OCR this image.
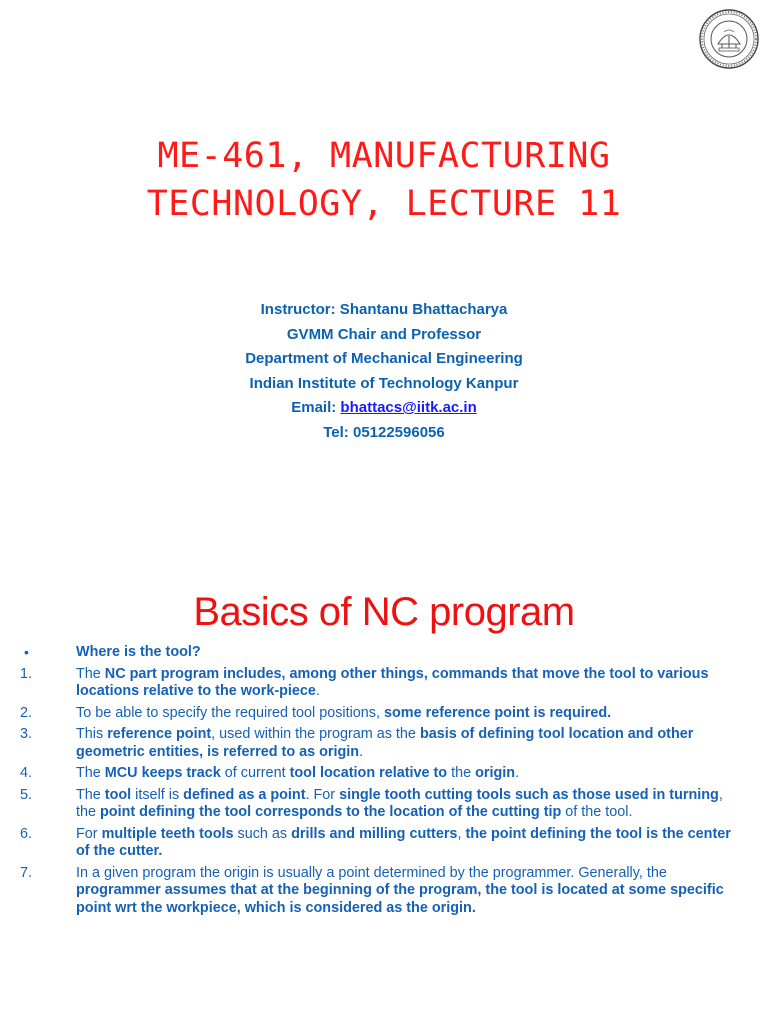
ME-461, MANUFACTURING
TECHNOLOGY, LECTURE 11
Instructor: Shantanu Bhattacharya
GVMM Chair and Professor
Department of Mechanical Engineering
Indian Institute of Technology Kanpur
Email: bhattacs@iitk.ac.in
Tel: 05122596056
Basics of NC program
•	Where is the tool?
1.	The NC part program includes, among other things, commands that move the tool to various locations relative to the work-piece.
2.	To be able to specify the required tool positions, some reference point is required.
3.	This reference point, used within the program as the basis of defining tool location and other geometric entities, is referred to as origin.
4.	The MCU keeps track of current tool location relative to the origin.
5.	The tool itself is defined as a point. For single tooth cutting tools such as those used in turning, the point defining the tool corresponds to the location of the cutting tip of the tool.
6.	For multiple teeth tools such as drills and milling cutters, the point defining the tool is the center of the cutter.
7.	In a given program the origin is usually a point determined by the programmer. Generally, the programmer assumes that at the beginning of the program, the tool is located at some specific point wrt the workpiece, which is considered as the origin.
